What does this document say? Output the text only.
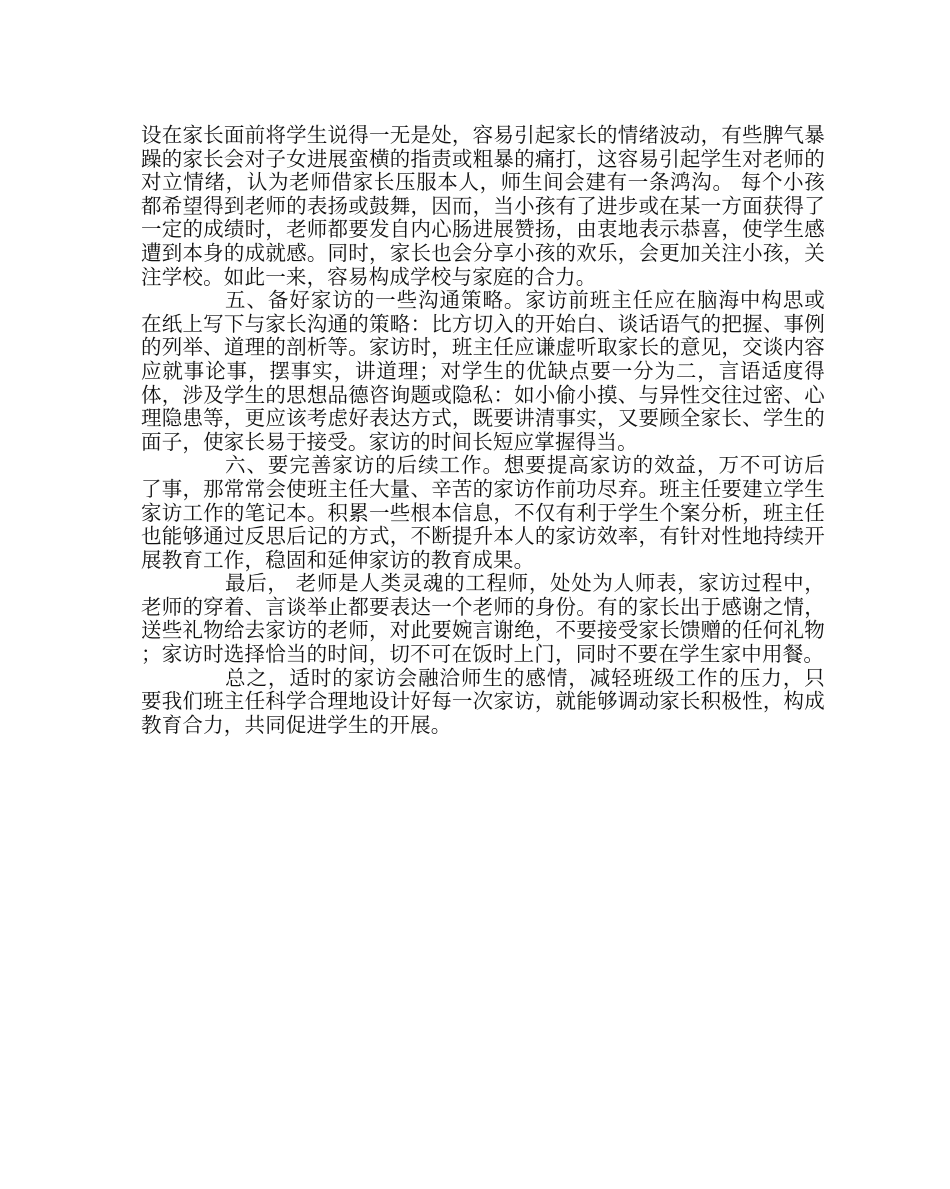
设在家长面前将学生说得一无是处，容易引起家长的情绪波动，有些脾气暴躁的家长会对子女进展蛮横的指责或粗暴的痛打，这容易引起学生对老师的对立情绪，认为老师借家长压服本人，师生间会建有一条鸿沟。 每个小孩都希望得到老师的表扬或鼓舞，因而，当小孩有了进步或在某一方面获得了一定的成绩时，老师都要发自内心肠进展赞扬，由衷地表示恭喜，使学生感遭到本身的成就感。同时，家长也会分享小孩的欢乐，会更加关注小孩，关注学校。如此一来，容易构成学校与家庭的合力。

五、备好家访的一些沟通策略。家访前班主任应在脑海中构思或在纸上写下与家长沟通的策略：比方切入的开始白、谈话语气的把握、事例的列举、道理的剖析等。家访时，班主任应谦虚听取家长的意见，交谈内容应就事论事，摆事实，讲道理；对学生的优缺点要一分为二，言语适度得体，涉及学生的思想品德咨询题或隐私：如小偷小摸、与异性交往过密、心理隐患等，更应该考虑好表达方式，既要讲清事实，又要顾全家长、学生的面子，使家长易于接受。家访的时间长短应掌握得当。

六、要完善家访的后续工作。想要提高家访的效益，万不可访后了事，那常常会使班主任大量、辛苦的家访作前功尽弃。班主任要建立学生家访工作的笔记本。积累一些根本信息，不仅有利于学生个案分析，班主任也能够通过反思后记的方式，不断提升本人的家访效率，有针对性地持续开展教育工作，稳固和延伸家访的教育成果。

最后， 老师是人类灵魂的工程师，处处为人师表，家访过程中，老师的穿着、言谈举止都要表达一个老师的身份。有的家长出于感谢之情，送些礼物给去家访的老师，对此要婉言谢绝，不要接受家长馈赠的任何礼物 ；家访时选择恰当的时间，切不可在饭时上门，同时不要在学生家中用餐。

总之，适时的家访会融洽师生的感情，减轻班级工作的压力，只要我们班主任科学合理地设计好每一次家访，就能够调动家长积极性，构成教育合力，共同促进学生的开展。
